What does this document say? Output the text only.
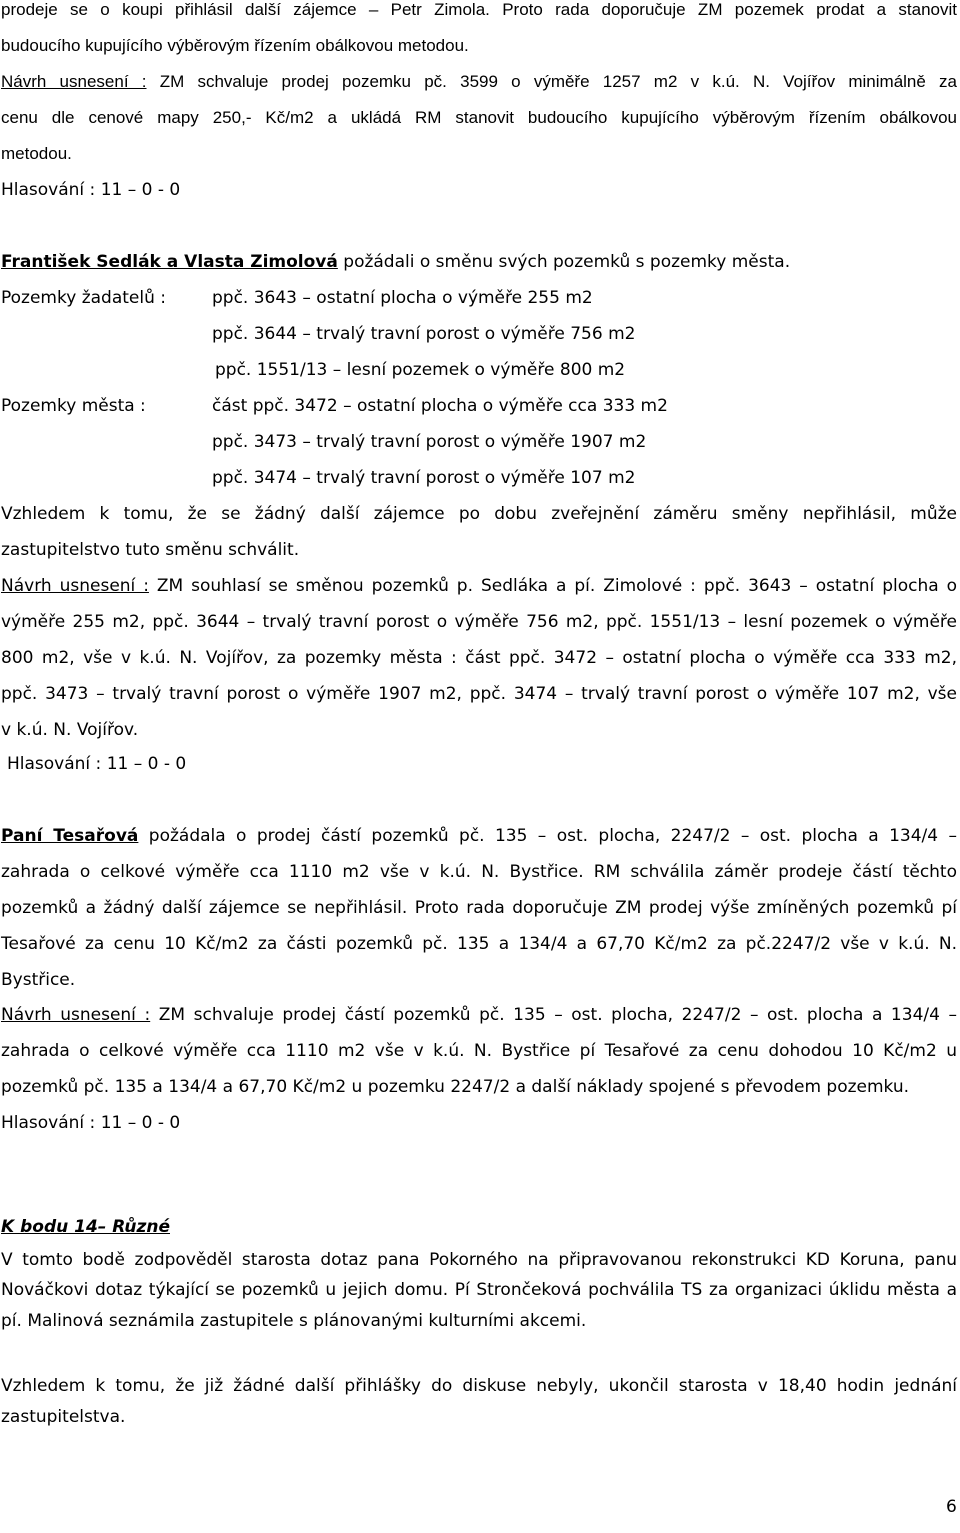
prodeje se o koupi přihlásil další zájemce – Petr Zimola. Proto rada doporučuje ZM pozemek prodat a stanovit
budoucího kupujícího výběrovým řízením obálkovou metodou.
Návrh usnesení : ZM schvaluje prodej pozemku pč. 3599 o výměře 1257 m2 v k.ú. N. Vojířov minimálně za
cenu dle cenové mapy 250,- Kč/m2 a ukládá RM stanovit budoucího kupujícího výběrovým řízením obálkovou
metodou.
Hlasování : 11 – 0 - 0
František Sedlák a Vlasta Zimolová požádali o směnu svých pozemků s pozemky města.
Pozemky žadatelů :	ppč. 3643 – ostatní plocha o výměře 255 m2
ppč. 3644 – trvalý travní porost o výměře 756 m2
ppč. 1551/13 – lesní pozemek o výměře 800 m2
Pozemky města :	část ppč. 3472 – ostatní plocha o výměře cca 333 m2
ppč. 3473 – trvalý travní porost o výměře 1907 m2
ppč. 3474 – trvalý travní porost o výměře 107 m2
Vzhledem k tomu, že se žádný další zájemce po dobu zveřejnění záměru směny nepřihlásil, může
zastupitelstvo tuto směnu schválit.
Návrh usnesení : ZM souhlasí se směnou pozemků p. Sedláka a pí. Zimolové : ppč. 3643 – ostatní plocha o
výměře 255 m2, ppč. 3644 – trvalý travní porost o výměře 756 m2, ppč. 1551/13 – lesní pozemek o výměře
800 m2, vše v k.ú. N. Vojířov, za pozemky města : část ppč. 3472 – ostatní plocha o výměře cca 333 m2,
ppč. 3473 – trvalý travní porost o výměře 1907 m2, ppč. 3474 – trvalý travní porost o výměře 107 m2, vše
v k.ú. N. Vojířov.
Hlasování : 11 – 0 - 0
Paní Tesařová požádala o prodej částí pozemků pč. 135 – ost. plocha, 2247/2 – ost. plocha a 134/4 –
zahrada o celkové výměře cca 1110 m2 vše v k.ú. N. Bystřice. RM schválila záměr prodeje částí těchto
pozemků a žádný další zájemce se nepřihlásil. Proto rada doporučuje ZM prodej výše zmíněných pozemků pí
Tesařové za cenu 10 Kč/m2 za části pozemků pč. 135 a 134/4 a 67,70 Kč/m2 za pč.2247/2 vše v k.ú. N.
Bystřice.
Návrh usnesení : ZM schvaluje prodej částí pozemků pč. 135 – ost. plocha, 2247/2 – ost. plocha a 134/4 –
zahrada o celkové výměře cca 1110 m2 vše v k.ú. N. Bystřice pí Tesařové za cenu dohodou 10 Kč/m2 u
pozemků pč. 135 a 134/4 a 67,70 Kč/m2 u pozemku 2247/2 a další náklady spojené s převodem pozemku.
Hlasování : 11 – 0 - 0
K bodu 14– Různé
V tomto bodě zodpověděl starosta dotaz pana Pokorného na připravovanou rekonstrukci KD Koruna, panu
Nováčkovi dotaz týkající se pozemků u jejich domu. Pí Strončeková pochválila TS za organizaci úklidu města a
pí. Malinová seznámila zastupitele s plánovanými kulturními akcemi.
Vzhledem k tomu, že již žádné další přihlášky do diskuse nebyly, ukončil starosta v 18,40 hodin jednání
zastupitelstva.
6
